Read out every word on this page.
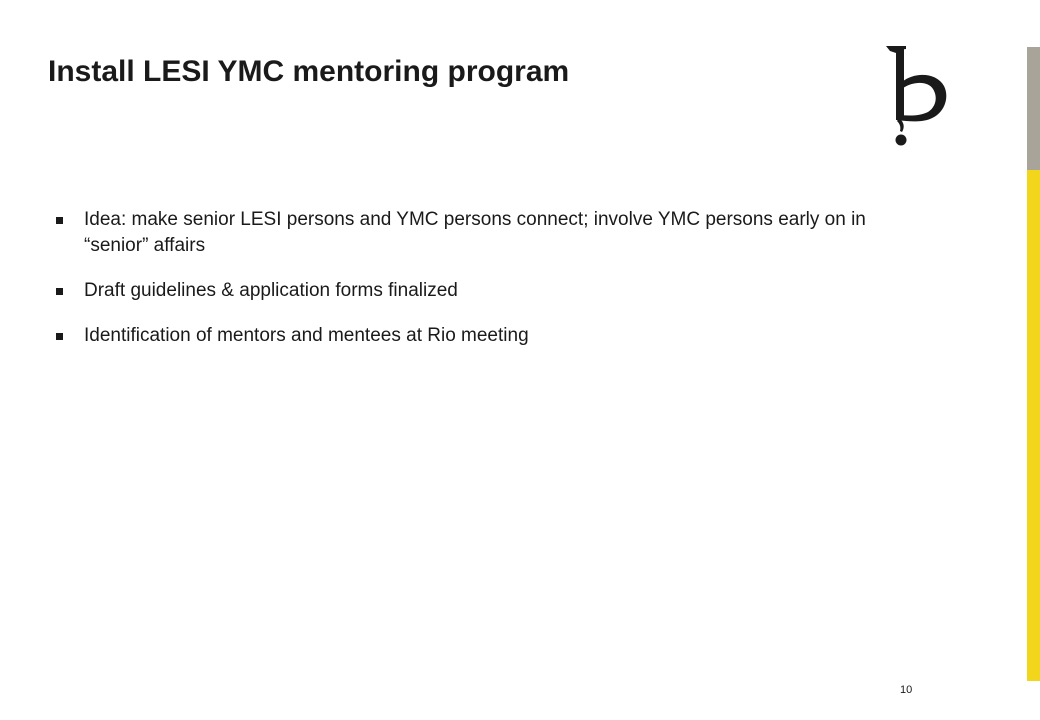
Install LESI YMC mentoring program
Idea: make senior LESI persons and YMC persons connect; involve YMC persons early on in “senior” affairs
Draft guidelines & application forms finalized
Identification of mentors and mentees at Rio meeting
10
